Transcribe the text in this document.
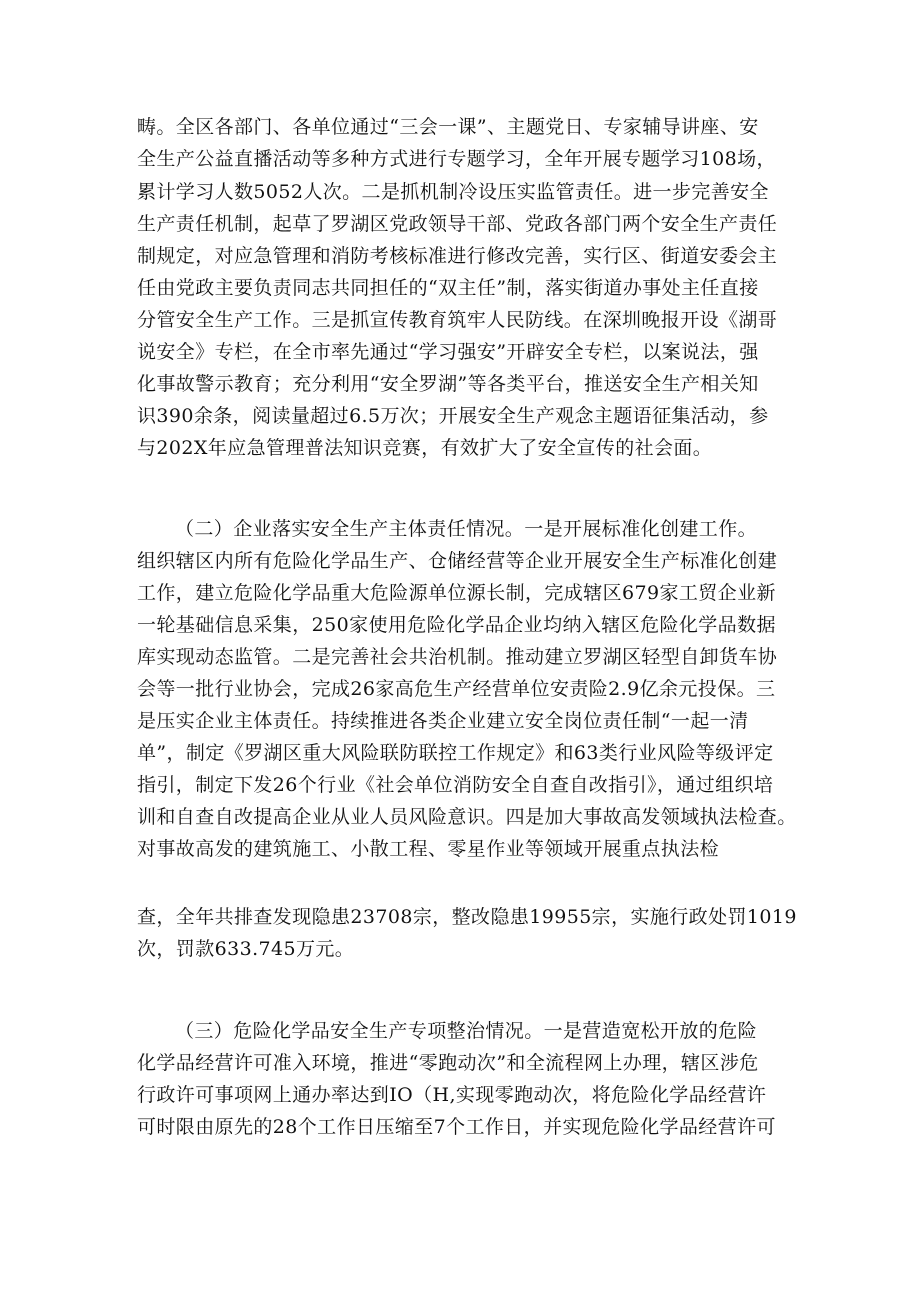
畴。全区各部门、各单位通过“三会一课”、主题党日、专家辅导讲座、安
全生产公益直播活动等多种方式进行专题学习，全年开展专题学习108场，
累计学习人数5052人次。二是抓机制冷设压实监管责任。进一步完善安全
生产责任机制，起草了罗湖区党政领导干部、党政各部门两个安全生产责任
制规定，对应急管理和消防考核标准进行修改完善，实行区、街道安委会主
任由党政主要负责同志共同担任的“双主任”制，落实街道办事处主任直接
分管安全生产工作。三是抓宣传教育筑牢人民防线。在深圳晚报开设《湖哥
说安全》专栏，在全市率先通过“学习强安”开辟安全专栏，以案说法，强
化事故警示教育；充分利用“安全罗湖”等各类平台，推送安全生产相关知
识390余条，阅读量超过6.5万次；开展安全生产观念主题语征集活动，参
与202X年应急管理普法知识竞赛，有效扩大了安全宣传的社会面。
（二）企业落实安全生产主体责任情况。一是开展标准化创建工作。
组织辖区内所有危险化学品生产、仓储经营等企业开展安全生产标准化创建
工作，建立危险化学品重大危险源单位源长制，完成辖区679家工贸企业新
一轮基础信息采集，250家使用危险化学品企业均纳入辖区危险化学品数据
库实现动态监管。二是完善社会共治机制。推动建立罗湖区轻型自卸货车协
会等一批行业协会，完成26家高危生产经营单位安责险2.9亿余元投保。三
是压实企业主体责任。持续推进各类企业建立安全岗位责任制“一起一清
单”，制定《罗湖区重大风险联防联控工作规定》和63类行业风险等级评定
指引，制定下发26个行业《社会单位消防安全自查自改指引》，通过组织培
训和自查自改提高企业从业人员风险意识。四是加大事故高发领域执法检查。
对事故高发的建筑施工、小散工程、零星作业等领域开展重点执法检
查，全年共排查发现隐患23708宗，整改隐患19955宗，实施行政处罚1019
次，罚款633.745万元。
（三）危险化学品安全生产专项整治情况。一是营造宽松开放的危险
化学品经营许可准入环境，推进“零跑动次”和全流程网上办理，辖区涉危
行政许可事项网上通办率达到IO（H,实现零跑动次，将危险化学品经营许
可时限由原先的28个工作日压缩至7个工作日，并实现危险化学品经营许可
